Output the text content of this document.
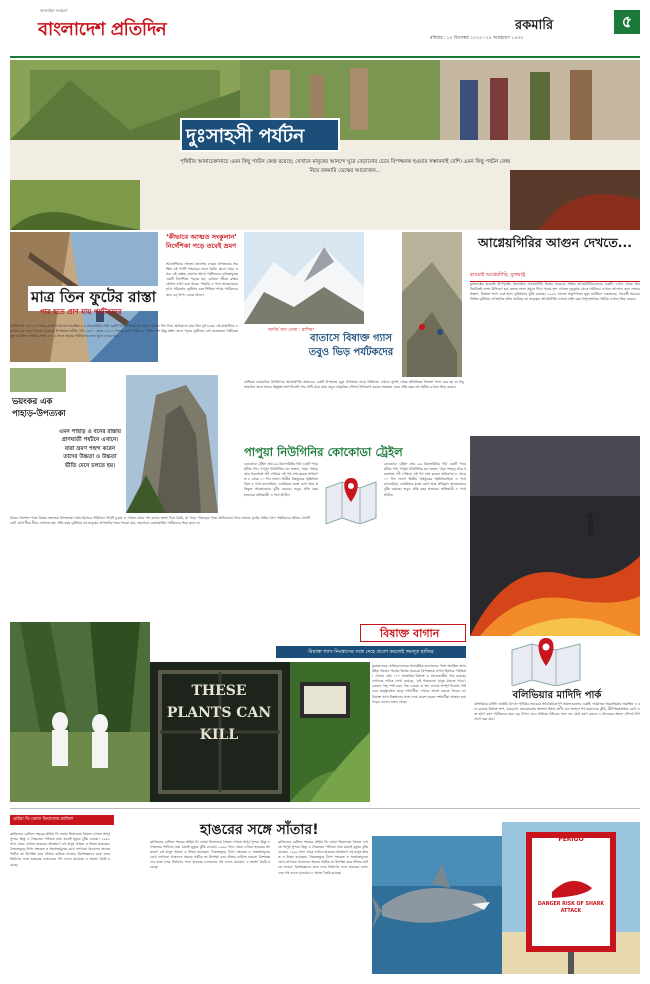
অনলাইন সংস্করণ
বাংলাদেশ প্রতিদিন	রকমারি	৫
রবিবার ৷ ১০ ডিসেম্বর ২০২৩ ৷ ২৫ অগ্রহায়ণ ১৪৩০
দুঃসাহসী পর্যটন
পৃথিবীর আনাচেকানাচে এমন কিছু পর্যটন কেন্দ্র রয়েছে; যেখানে মানুষের আনন্দে ঘুরে বেড়ানোর চেয়ে বিপজ্জনক হওয়ার সম্ভাবনাই বেশি। এমন কিছু পর্যটন কেন্দ্র নিয়ে রকমারি ডেস্কের আয়োজন...
মাত্র তিন ফুটের রাস্তা
পার হতে প্রাণ যায় পর্যটকদের
ক্যামিনিটো দেল রে স্পেনের মালাগা প্রদেশে অবস্থিত ৩-৪ কিলোমিটার দীর্ঘ একটি পথ। গিরিখাতের খাড়া দেয়ালে পিন দিয়ে আটকানো মাত্র তিন ফুট চওড়া এই রাস্তাটিকে একসময় বলা হতো বিশ্বের সবচেয়ে বিপজ্জনক হাঁটার পথ। ১৯০১ থেকে ১৯০৫ সালের মধ্যে নির্মিত এ পথের বেশ কিছু অংশ ভেঙে পড়ায় দুর্ঘটনায় বেশ কয়েকজন পর্যটকের মৃত্যু হয়েছিল। সংস্কার শেষে ২০১৫ সালে আবার পর্যটকদের জন্য খুলে দেওয়া হয়।
‘কীভাবে আত্মত সংকুলান’ নির্দেশিকা পড়ে তবেই ভ্রমণ
আর্জেন্টিনার সালতা প্রদেশের লেরমা উপত্যকায় অবস্থিত এই পথটি পাহাড়ের ঢালে তৈরি। প্রচণ্ড খাড়া ও সরু এই রাস্তায় ভ্রমণের আগে পর্যটকদের বাধ্যতামূলক একটি নির্দেশিকা পড়তে হয়, যেখানে জীবন রক্ষার কৌশল বর্ণনা করা থাকে। পাহাড়ি এ পথে আবহাওয়ার হঠাৎ পরিবর্তন, ভূমিধস এবং পিচ্ছিল পাথর পর্যটকদের জন্য বড় বিপদ ডেকে আনে।
আর্জি অব তেমা : রাশিয়া
বাতাসে বিষাক্ত গ্যাস তবুও ভিড় পর্যটকদের
আগ্নেয়গিরির আগুন দেখতে...
হাওয়াই আগ্নেয়গিরি, যুক্তরাষ্ট্র
যুক্তরাষ্ট্রের হাওয়াই দ্বীপপুঞ্জের কিলাউয়া আগ্নেয়গিরি বিশ্বের সবচেয়ে সক্রিয় আগ্নেয়গিরিগুলোর একটি। এখান থেকে প্রায় নিয়মিতই লাভা উদ্গিরণ হয়। জ্বলন্ত লাভা সমুদ্রে গিয়ে পড়ার দৃশ্য দেখতে দূরদূরান্ত থেকে পর্যটকরা এখানে আসেন। তবে লাভার উত্তাপ, বিষাক্ত গ্যাস এবং হঠাৎ ভূমিধসের ঝুঁকি রয়েছে। ১৯২৪ সালের অগ্ন্যুৎপাতে মৃত্যু ঘটেছিল একজনের, পরবর্তী সময়েও বিভিন্ন দুর্ঘটনায় প্রাণহানির ঘটনা ঘটেছে। তা সত্ত্বেও আগ্নেয়গিরি দেখতে প্রতি বছর বিপুলসংখ্যক পর্যটক এখানে ভিড় করেন।
ভয়ংকর এক পাহাড়-উপত্যকা
এমন পাহাড় ও বনের রাস্তায় প্রাণঘাতী পর্যটনে এখানে। যারা ভ্রমণ পছন্দ করেন তাদের উচ্চতা ও উচ্চতা ভীতি মেনে চলতে হয়।
চীনের হুয়াশান পর্বত বিশ্বের অন্যতম বিপজ্জনক পর্বত হিসেবে পরিচিত। পাঁচটি চূড়ার এ পর্বতে ওঠার পথ কাঠের তক্তা দিয়ে তৈরি, যা খাড়া পাহাড়ের গায়ে আটকানো। নিচে হাজার ফুটের গভীর খাদ। পর্যটকদের শরীরে সেফটি বেল্ট বেঁধে ধীরে ধীরে এগোতে হয়। প্রতি বছর দুর্ঘটনায় বহু মানুষের প্রাণহানির খবর পাওয়া যায়, তারপরও রোমাঞ্চপ্রিয় পর্যটকদের ভিড় কমে না।
রাশিয়ার কামচাটকা উপদ্বীপের আগ্নেয়গিরি অঞ্চলের একটি উপত্যকা মৃত্যু উপত্যকা নামে পরিচিত। এখানে ভূগর্ভ থেকে প্রতিনিয়ত বিষাক্ত গ্যাস বের হয় যা নিচু জায়গায় জমে থাকে। কিছুক্ষণ শ্বাস নিলেই পশু-পাখি মারা যায়। তবুও প্রাকৃতিক সৌন্দর্য উপভোগ করতে সতর্কতা মেনে প্রতি বছর বহু পর্যটক এখানে ভিড় করেন।
পাপুয়া নিউগিনির কোকোডা ট্রেইল
কোকোডা ট্রেইল প্রায় ৯৬ কিলোমিটার দীর্ঘ একটি পায়ে হাঁটার পথ। পাপুয়া নিউগিনির ঘন জঙ্গল, খাড়া পাহাড় আর খরস্রোতা নদী পেরিয়ে এই পথ শেষ করতে সাধারণত ৮ থেকে ১০ দিন লাগে। দ্বিতীয় বিশ্বযুদ্ধের স্মৃতিবিজড়িত এ পথে ম্যালেরিয়া, ডায়রিয়ার মতো রোগ আর প্রতিকূল আবহাওয়ার ঝুঁকি রয়েছে। তবুও প্রতি বছর হাজারো অভিযাত্রী এ পথে হাঁটেন।
কোকোডা ট্রেইল প্রায় ৯৬ কিলোমিটার দীর্ঘ একটি পায়ে হাঁটার পথ। পাপুয়া নিউগিনির ঘন জঙ্গল, খাড়া পাহাড় আর খরস্রোতা নদী পেরিয়ে এই পথ শেষ করতে সাধারণত ৮ থেকে ১০ দিন লাগে। দ্বিতীয় বিশ্বযুদ্ধের স্মৃতিবিজড়িত এ পথে ম্যালেরিয়া, ডায়রিয়ার মতো রোগ আর প্রতিকূল আবহাওয়ার ঝুঁকি রয়েছে। তবুও প্রতি বছর হাজারো অভিযাত্রী এ পথে হাঁটেন।
বিষাক্ত বাগান
বিষাক্ত গ্যাস নিঃশ্বাসের সঙ্গে দেহে প্রবেশ করলেই জমদূত হাজির
THESE PLANTS CAN KILL
যুক্তরাজ্যের নর্দাম্বারল্যান্ডের অ্যানউইক ক্যাসেলের পাশে অবস্থিত অ্যানউইক পয়জন গার্ডেন বিশ্বের সবচেয়ে বিপজ্জনক বাগান হিসেবে পরিচিত। এখানে প্রায় ১০০ প্রজাতির বিষাক্ত ও মাদকজাতীয় গাছ রয়েছে। বাগানের ফটকে লেখা রয়েছে, ‘এই গাছগুলো মানুষ মারতে পারে’। কোনো গাছ স্পর্শ করা, গন্ধ নেওয়া বা স্বাদ নেওয়া সম্পূর্ণ নিষেধ। গাইডের তত্ত্বাবধান ছাড়া দর্শনার্থীরা এখানে প্রবেশ করতে পারেন না। বিষাক্ত গ্যাস নিঃশ্বাসের সঙ্গে দেহে প্রবেশ করলে দর্শনার্থীরা অজ্ঞান হয়ে পড়েন বলেও জানা গেছে।
বলিভিয়ার মাদিদি পার্ক
বলিভিয়ার মাদিদি জাতীয় উদ্যান পৃথিবীর সবচেয়ে জীববৈচিত্র্যপূর্ণ অঞ্চলগুলোর একটি। আমাজন অববাহিকায় অবস্থিত এ বনে রয়েছে বিষাক্ত সাপ, মাকড়সা, জাগুয়ারসহ অসংখ্য হিংস্র প্রাণী। ঘন জঙ্গলে পথ হারানোর ঝুঁকি, কীটপতঙ্গবাহিত রোগ এবং হঠাৎ বন্যা পর্যটকদের জন্য বড় বিপদ। তবে অভিজ্ঞ গাইডের সঙ্গে দল বেঁধে ভ্রমণ করলে এ উদ্যানের অনন্য সৌন্দর্য উপভোগ করা যায়।
প্রাইয়া ডি ভোয়া ভিয়াজেম ব্রাজিল
হাঙরের সঙ্গে সাঁতার!
ব্রাজিলের রেসিফে শহরের প্রাইয়া ডি ভোয়া ভিয়াজেম সৈকত দেখতে অপূর্ব সুন্দর। কিন্তু এ সৈকতের পানিতে নামা মানেই মৃত্যুর ঝুঁকি নেওয়া। ১৯৯২ সাল থেকে এখানে হাঙরের আক্রমণে বহু মানুষ আহত ও নিহত হয়েছেন। সৈকতজুড়ে বিপদ সংকেত ও সতর্কতামূলক বোর্ড লাগানো থাকলেও অনেক পর্যটক তা উপেক্ষা করে সাঁতার কাটতে নামেন। বিশেষজ্ঞদের মতে বন্দর নির্মাণের ফলে হাঙরের চলাচলের পথ বদলে যাওয়ায় এ সমস্যা তৈরি হয়েছে।
ব্রাজিলের রেসিফে শহরের প্রাইয়া ডি ভোয়া ভিয়াজেম সৈকত দেখতে অপূর্ব সুন্দর। কিন্তু এ সৈকতের পানিতে নামা মানেই মৃত্যুর ঝুঁকি নেওয়া। ১৯৯২ সাল থেকে এখানে হাঙরের আক্রমণে বহু মানুষ আহত ও নিহত হয়েছেন। সৈকতজুড়ে বিপদ সংকেত ও সতর্কতামূলক বোর্ড লাগানো থাকলেও অনেক পর্যটক তা উপেক্ষা করে সাঁতার কাটতে নামেন। বিশেষজ্ঞদের মতে বন্দর নির্মাণের ফলে হাঙরের চলাচলের পথ বদলে যাওয়ায় এ সমস্যা তৈরি হয়েছে।
ব্রাজিলের রেসিফে শহরের প্রাইয়া ডি ভোয়া ভিয়াজেম সৈকত দেখতে অপূর্ব সুন্দর। কিন্তু এ সৈকতের পানিতে নামা মানেই মৃত্যুর ঝুঁকি নেওয়া। ১৯৯২ সাল থেকে এখানে হাঙরের আক্রমণে বহু মানুষ আহত ও নিহত হয়েছেন। সৈকতজুড়ে বিপদ সংকেত ও সতর্কতামূলক বোর্ড লাগানো থাকলেও অনেক পর্যটক তা উপেক্ষা করে সাঁতার কাটতে নামেন। বিশেষজ্ঞদের মতে বন্দর নির্মাণের ফলে হাঙরের চলাচলের পথ বদলে যাওয়ায় এ সমস্যা তৈরি হয়েছে।
PERIGO
DANGER RISK OF SHARK ATTACK
